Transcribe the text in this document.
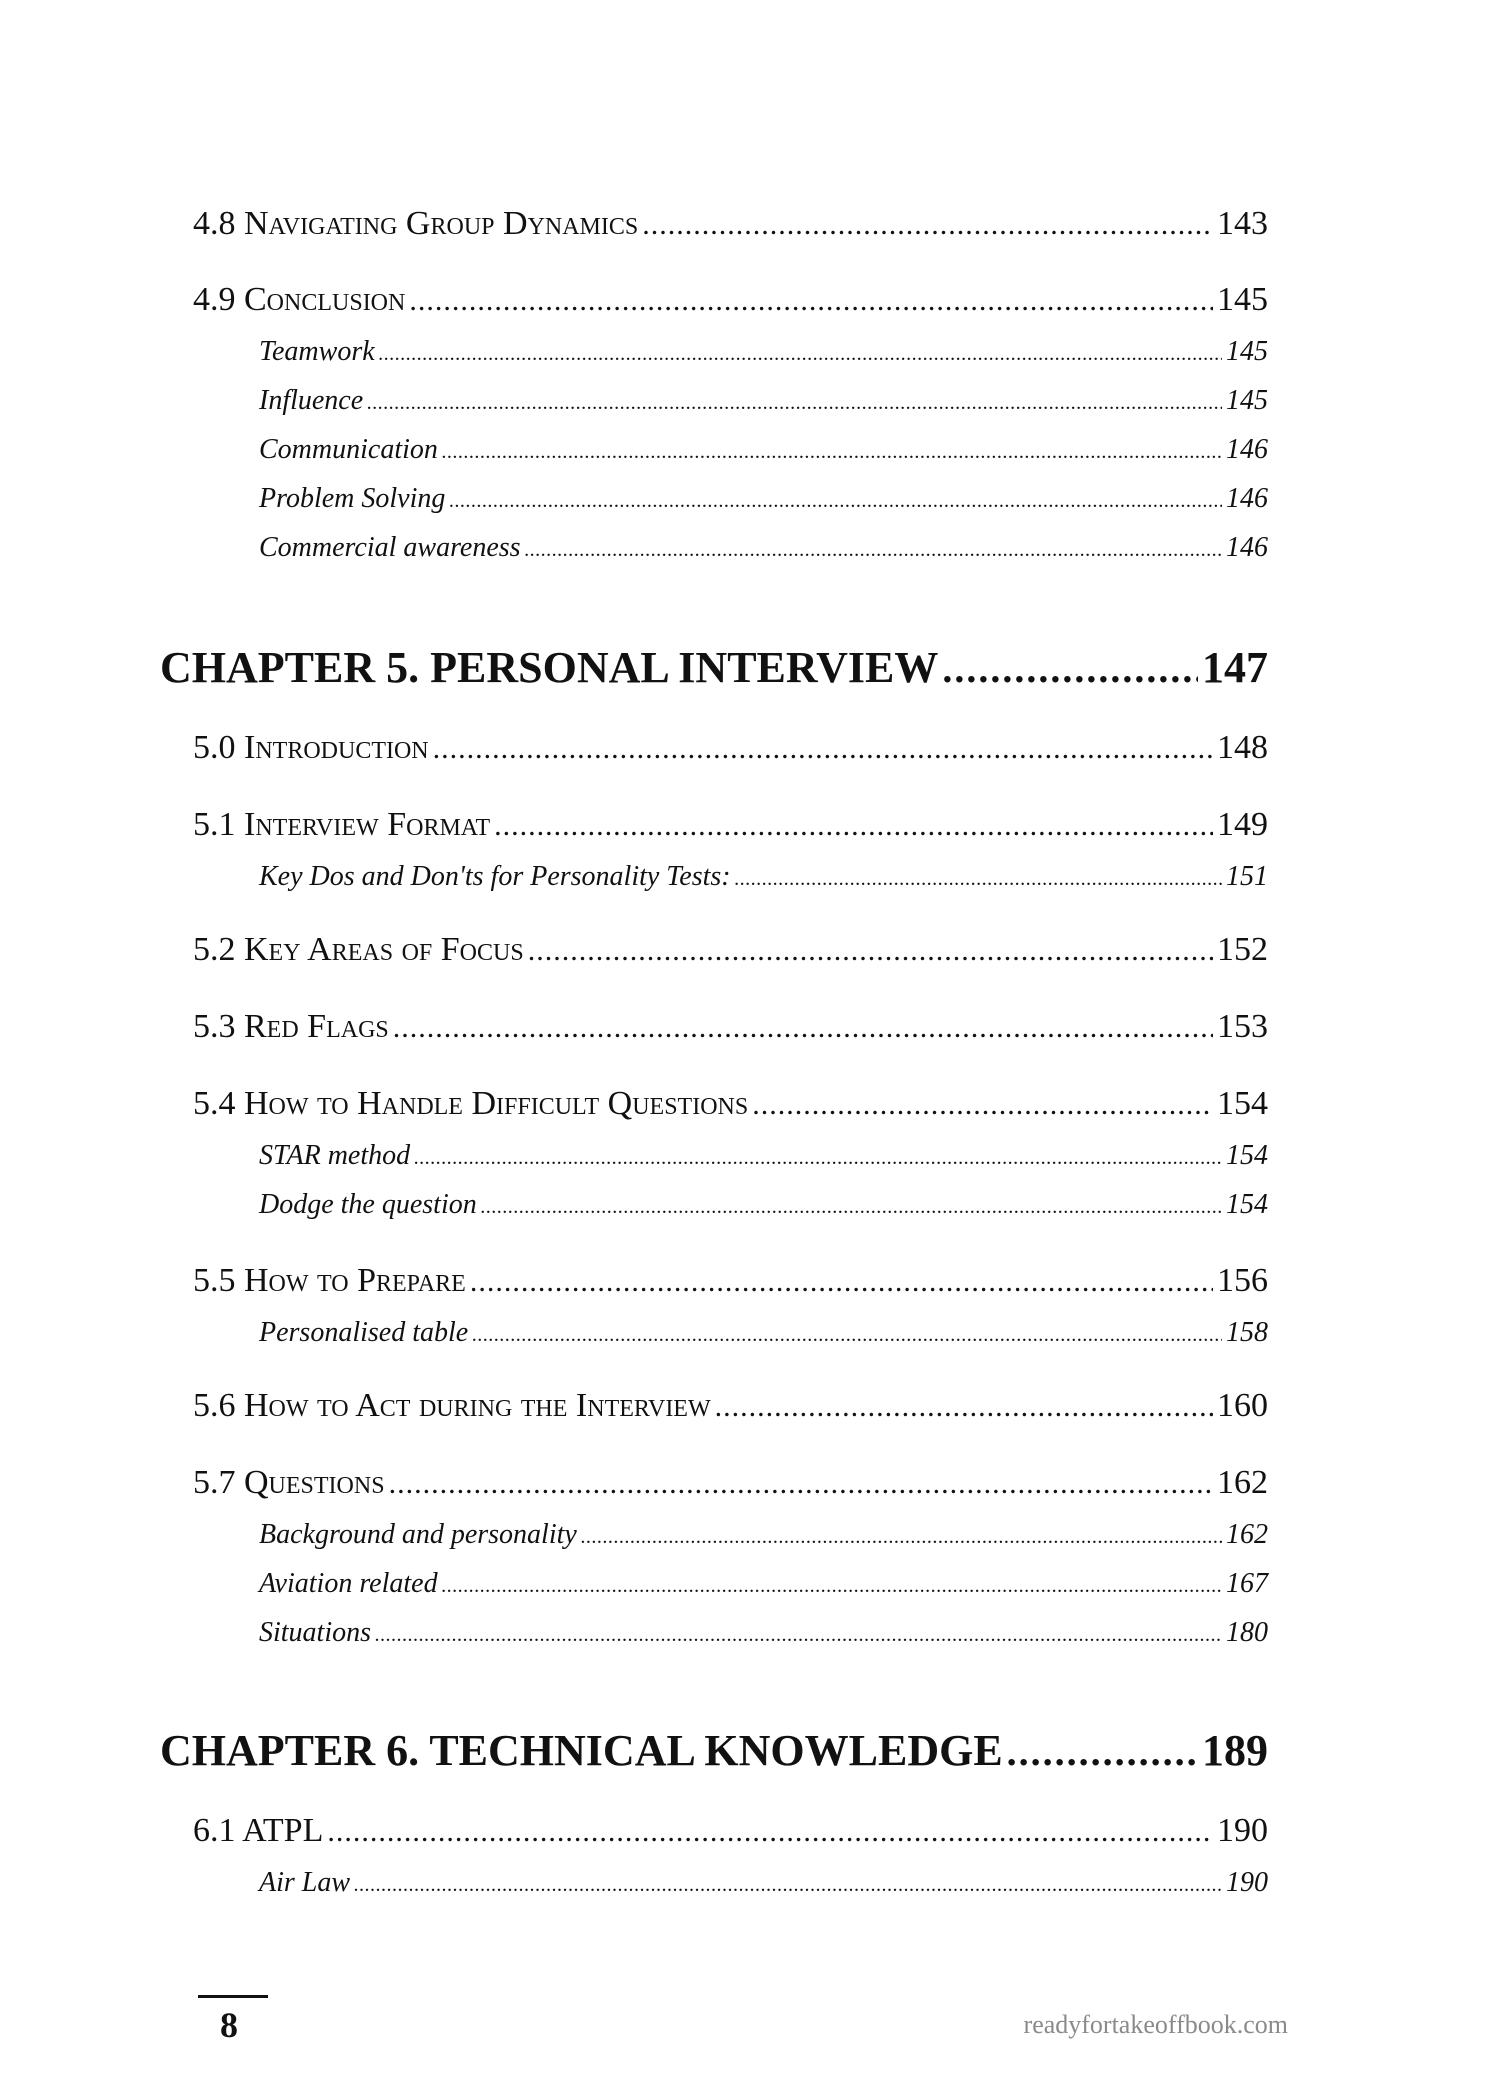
4.8 Navigating Group Dynamics .....	143
4.9 Conclusion .....	145
Teamwork .....	145
Influence .....	145
Communication .....	146
Problem Solving .....	146
Commercial awareness .....	146
CHAPTER 5. PERSONAL INTERVIEW .....	147
5.0 Introduction .....	148
5.1 Interview Format .....	149
Key Dos and Don'ts for Personality Tests: .....	151
5.2 Key Areas of Focus .....	152
5.3 Red Flags .....	153
5.4 How to Handle Difficult Questions .....	154
STAR method .....	154
Dodge the question .....	154
5.5 How to Prepare .....	156
Personalised table .....	158
5.6 How to Act during the Interview .....	160
5.7 Questions .....	162
Background and personality .....	162
Aviation related .....	167
Situations .....	180
CHAPTER 6. TECHNICAL KNOWLEDGE .....	189
6.1 ATPL .....	190
Air Law .....	190
8	readyfortakeoffbook.com
